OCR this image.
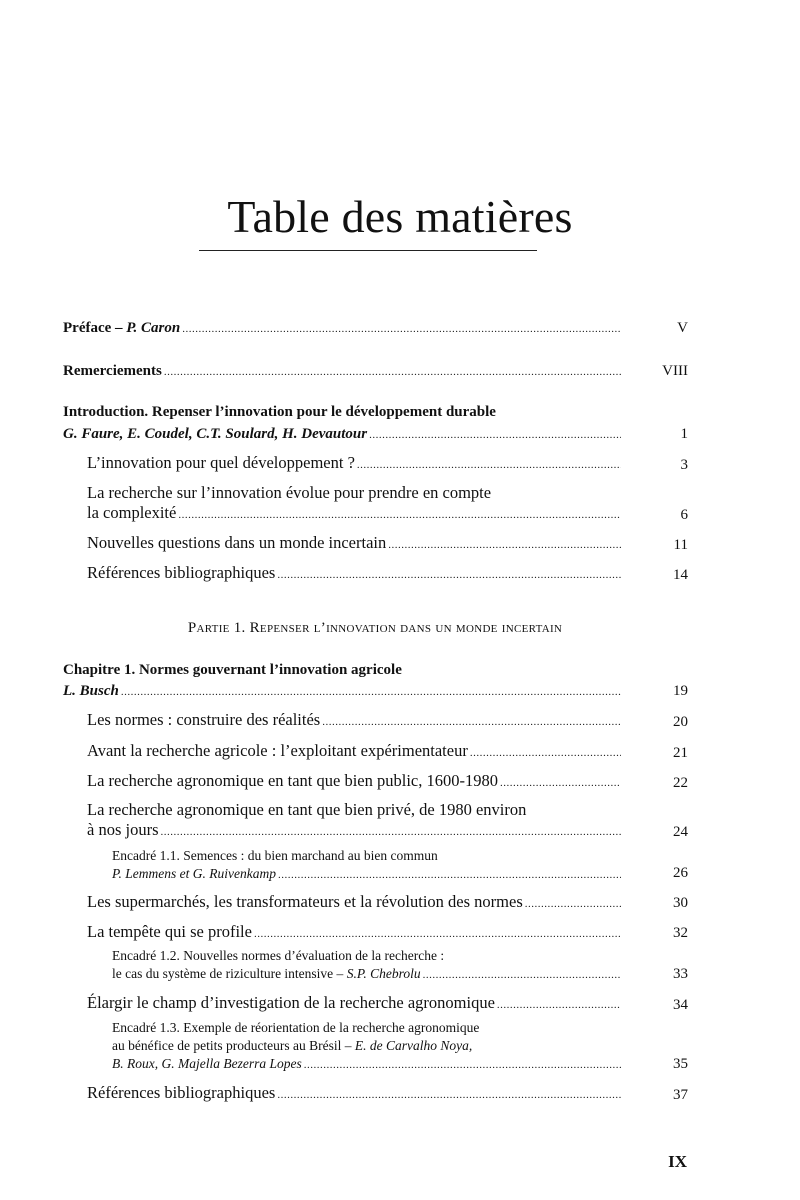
Table des matières
Préface – P. Caron .....	V
Remerciements .....	VIII
Introduction. Repenser l’innovation pour le développement durable
G. Faure, E. Coudel, C.T. Soulard, H. Devautour .....	1
L’innovation pour quel développement ? .....	3
La recherche sur l’innovation évolue pour prendre en compte
la complexité .....	6
Nouvelles questions dans un monde incertain .....	11
Références bibliographiques .....	14
Partie 1. Repenser l’innovation dans un monde incertain
Chapitre 1. Normes gouvernant l’innovation agricole
L. Busch .....	19
Les normes : construire des réalités .....	20
Avant la recherche agricole : l’exploitant expérimentateur .....	21
La recherche agronomique en tant que bien public, 1600-1980 .....	22
La recherche agronomique en tant que bien privé, de 1980 environ
à nos jours .....	24
Encadré 1.1. Semences : du bien marchand au bien commun
P. Lemmens et G. Ruivenkamp .....	26
Les supermarchés, les transformateurs et la révolution des normes .....	30
La tempête qui se profile .....	32
Encadré 1.2. Nouvelles normes d’évaluation de la recherche :
le cas du système de riziculture intensive – S.P. Chebrolu .....	33
Élargir le champ d’investigation de la recherche agronomique .....	34
Encadré 1.3. Exemple de réorientation de la recherche agronomique
au bénéfice de petits producteurs au Brésil – E. de Carvalho Noya,
B. Roux, G. Majella Bezerra Lopes .....	35
Références bibliographiques .....	37
IX
